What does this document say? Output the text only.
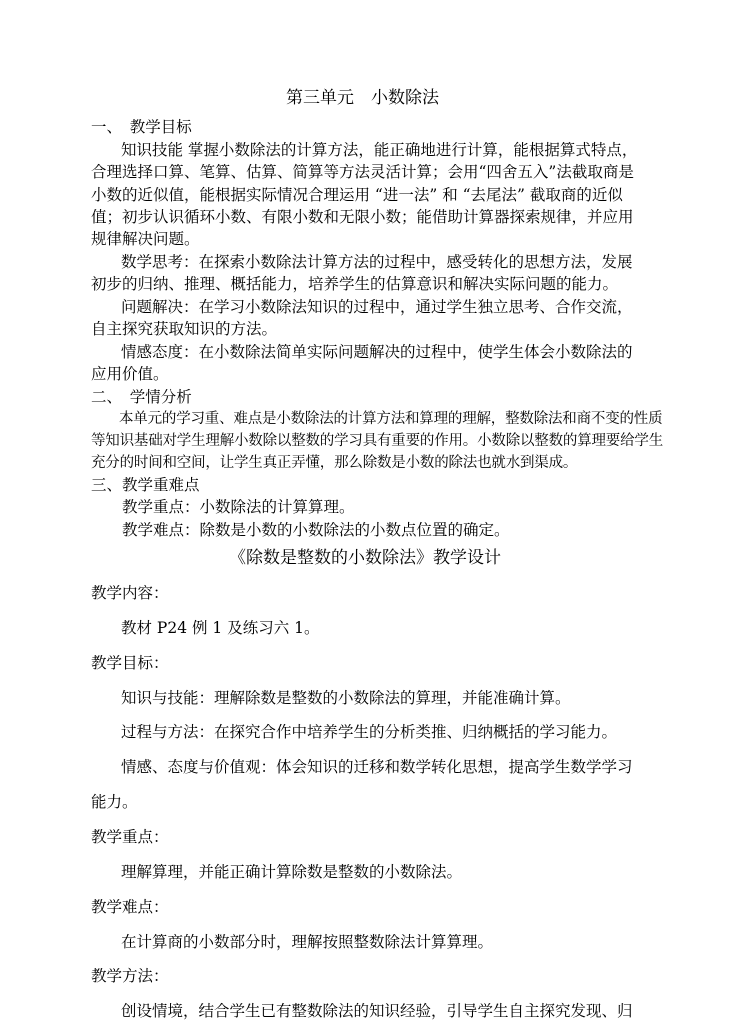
第三单元　小数除法
一、　教学目标
知识技能 掌握小数除法的计算方法，能正确地进行计算，能根据算式特点，
合理选择口算、笔算、估算、简算等方法灵活计算；会用“四舍五入”法截取商是
小数的近似值，能根据实际情况合理运用 “进一法” 和 “去尾法” 截取商的近似
值；初步认识循环小数、有限小数和无限小数；能借助计算器探索规律，并应用
规律解决问题。
数学思考：在探索小数除法计算方法的过程中，感受转化的思想方法，发展
初步的归纳、推理、概括能力，培养学生的估算意识和解决实际问题的能力。
问题解决：在学习小数除法知识的过程中，通过学生独立思考、合作交流，
自主探究获取知识的方法。
情感态度：在小数除法简单实际问题解决的过程中，使学生体会小数除法的
应用价值。
二、　学情分析
本单元的学习重、难点是小数除法的计算方法和算理的理解，整数除法和商不变的性质
等知识基础对学生理解小数除以整数的学习具有重要的作用。小数除以整数的算理要给学生
充分的时间和空间，让学生真正弄懂，那么除数是小数的除法也就水到渠成。
三、教学重难点
教学重点：小数除法的计算算理。
教学难点：除数是小数的小数除法的小数点位置的确定。
《除数是整数的小数除法》教学设计
教学内容：
教材 P24 例 1 及练习六 1。
教学目标：
知识与技能：理解除数是整数的小数除法的算理，并能准确计算。
过程与方法：在探究合作中培养学生的分析类推、归纳概括的学习能力。
情感、态度与价值观：体会知识的迁移和数学转化思想，提高学生数学学习
能力。
教学重点：
理解算理，并能正确计算除数是整数的小数除法。
教学难点：
在计算商的小数部分时，理解按照整数除法计算算理。
教学方法：
创设情境，结合学生已有整数除法的知识经验，引导学生自主探究发现、归
